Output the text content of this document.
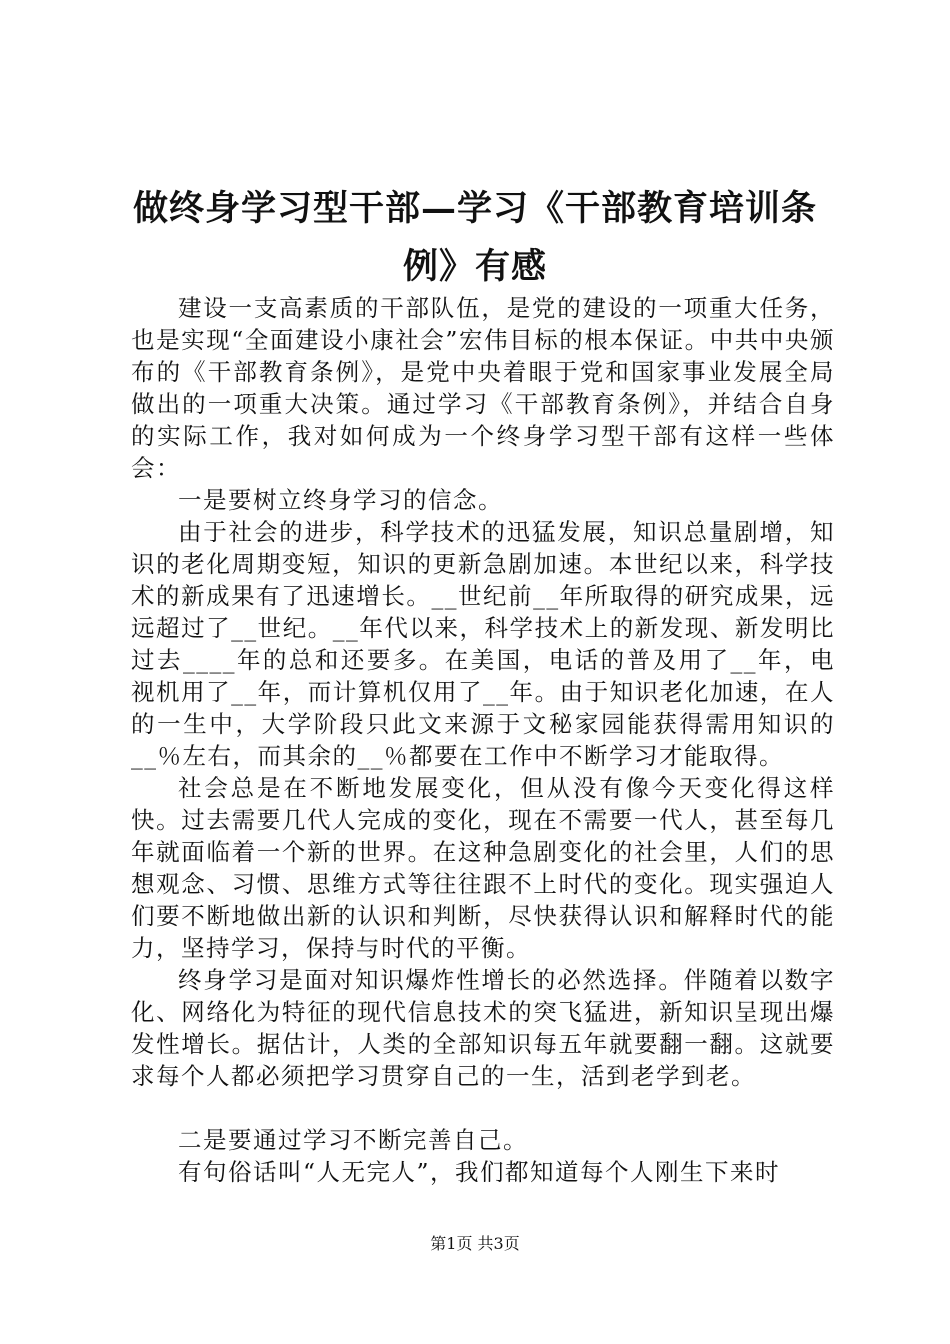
做终身学习型干部—学习《干部教育培训条例》有感

建设一支高素质的干部队伍，是党的建设的一项重大任务，也是实现“全面建设小康社会”宏伟目标的根本保证。中共中央颁布的《干部教育条例》，是党中央着眼于党和国家事业发展全局做出的一项重大决策。通过学习《干部教育条例》，并结合自身的实际工作，我对如何成为一个终身学习型干部有这样一些体会：

一是要树立终身学习的信念。

由于社会的进步，科学技术的迅猛发展，知识总量剧增，知识的老化周期变短，知识的更新急剧加速。本世纪以来，科学技术的新成果有了迅速增长。__世纪前__年所取得的研究成果，远远超过了__世纪。__年代以来，科学技术上的新发现、新发明比过去____年的总和还要多。在美国，电话的普及用了__年，电视机用了__年，而计算机仅用了__年。由于知识老化加速，在人的一生中，大学阶段只此文来源于文秘家园能获得需用知识的__％左右，而其余的__％都要在工作中不断学习才能取得。

社会总是在不断地发展变化，但从没有像今天变化得这样快。过去需要几代人完成的变化，现在不需要一代人，甚至每几年就面临着一个新的世界。在这种急剧变化的社会里，人们的思想观念、习惯、思维方式等往往跟不上时代的变化。现实强迫人们要不断地做出新的认识和判断，尽快获得认识和解释时代的能力，坚持学习，保持与时代的平衡。

终身学习是面对知识爆炸性增长的必然选择。伴随着以数字化、网络化为特征的现代信息技术的突飞猛进，新知识呈现出爆发性增长。据估计，人类的全部知识每五年就要翻一翻。这就要求每个人都必须把学习贯穿自己的一生，活到老学到老。

二是要通过学习不断完善自己。

有句俗话叫“人无完人”，我们都知道每个人刚生下来时

第1页 共3页
